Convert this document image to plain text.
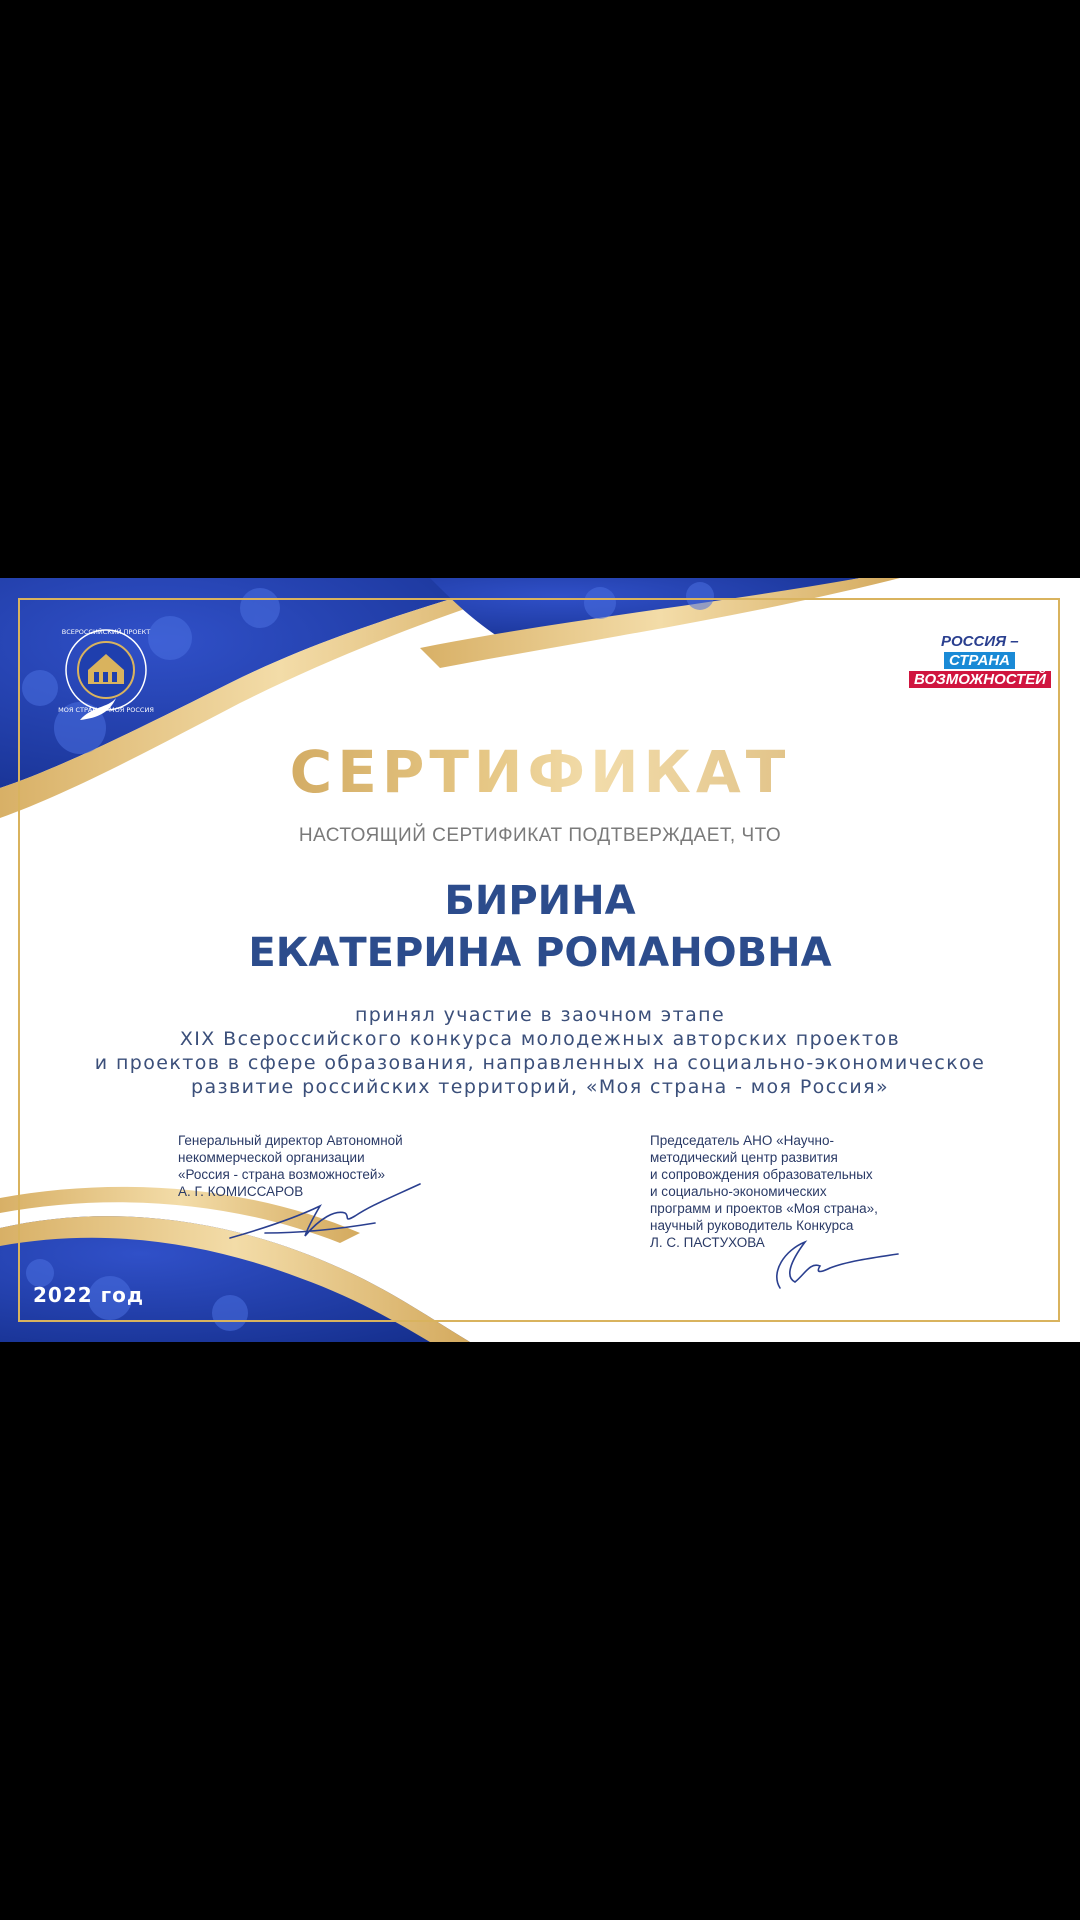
ВСЕРОССИЙСКИЙ ПРОЕКТ
МОЯ СТРАНА – МОЯ РОССИЯ
РОССИЯ –
СТРАНА
ВОЗМОЖНОСТЕЙ
СЕРТИФИКАТ
НАСТОЯЩИЙ СЕРТИФИКАТ ПОДТВЕРЖДАЕТ, ЧТО
БИРИНА
ЕКАТЕРИНА РОМАНОВНА
принял участие в заочном этапе
XIX Всероссийского конкурса молодежных авторских проектов
и проектов в сфере образования, направленных на социально-экономическое
развитие российских территорий, «Моя страна - моя Россия»
Генеральный директор Автономной
некоммерческой организации
«Россия - страна возможностей»
А. Г. КОМИССАРОВ
Председатель АНО «Научно-
методический центр развития
и сопровождения образовательных
и социально-экономических
программ и проектов «Моя страна»,
научный руководитель Конкурса
Л. С. ПАСТУХОВА
2022 год
